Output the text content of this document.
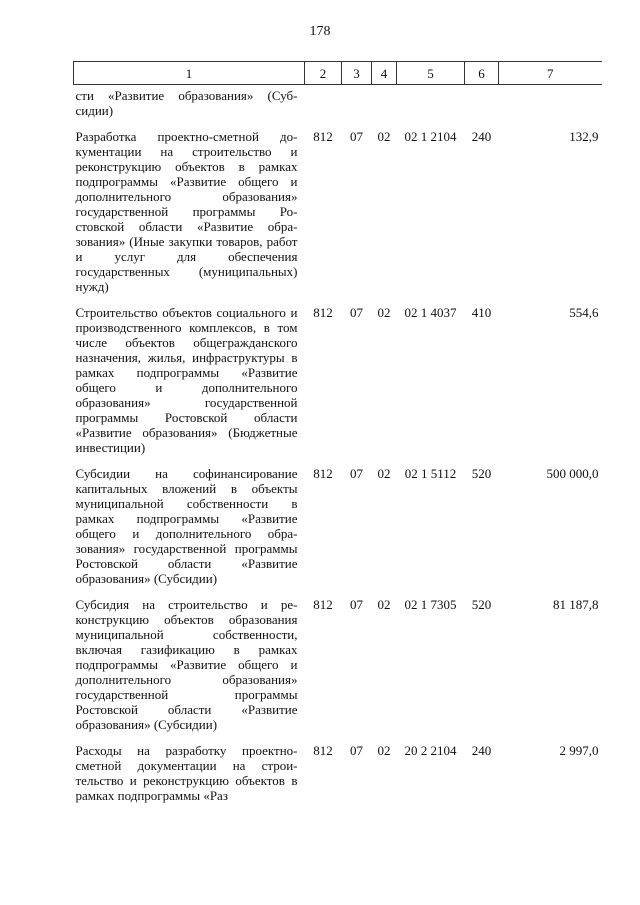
178
1	2	3	4	5	6	7
сти «Развитие образования» (Субсидии)						
Разработка проектно-сметной документации на строительство и реконструкцию объектов в рамках подпрограммы «Развитие общего и дополнительного образования» государственной программы Ростовской области «Развитие образования» (Иные закупки товаров, работ и услуг для обеспечения государственных (муниципальных) нужд)	812	07	02	02 1 2104	240	132,9
Строительство объектов социального и производственного комплексов, в том числе объектов общегражданского назначения, жилья, инфраструктуры в рамках подпрограммы «Развитие общего и дополнительного образования» государственной программы Ростовской области «Развитие образования» (Бюджетные инвестиции)	812	07	02	02 1 4037	410	554,6
Субсидии на софинансирование капитальных вложений в объекты муниципальной собственности в рамках подпрограммы «Развитие общего и дополнительного образования» государственной программы Ростовской области «Развитие образования» (Субсидии)	812	07	02	02 1 5112	520	500 000,0
Субсидия на строительство и реконструкцию объектов образования муниципальной собственности, включая газификацию в рамках подпрограммы «Развитие общего и дополнительного образования» государственной программы Ростовской области «Развитие образования» (Субсидии)	812	07	02	02 1 7305	520	81 187,8
Расходы на разработку проектно-сметной документации на строительство и реконструкцию объектов в рамках подпрограммы «Раз	812	07	02	20 2 2104	240	2 997,0
